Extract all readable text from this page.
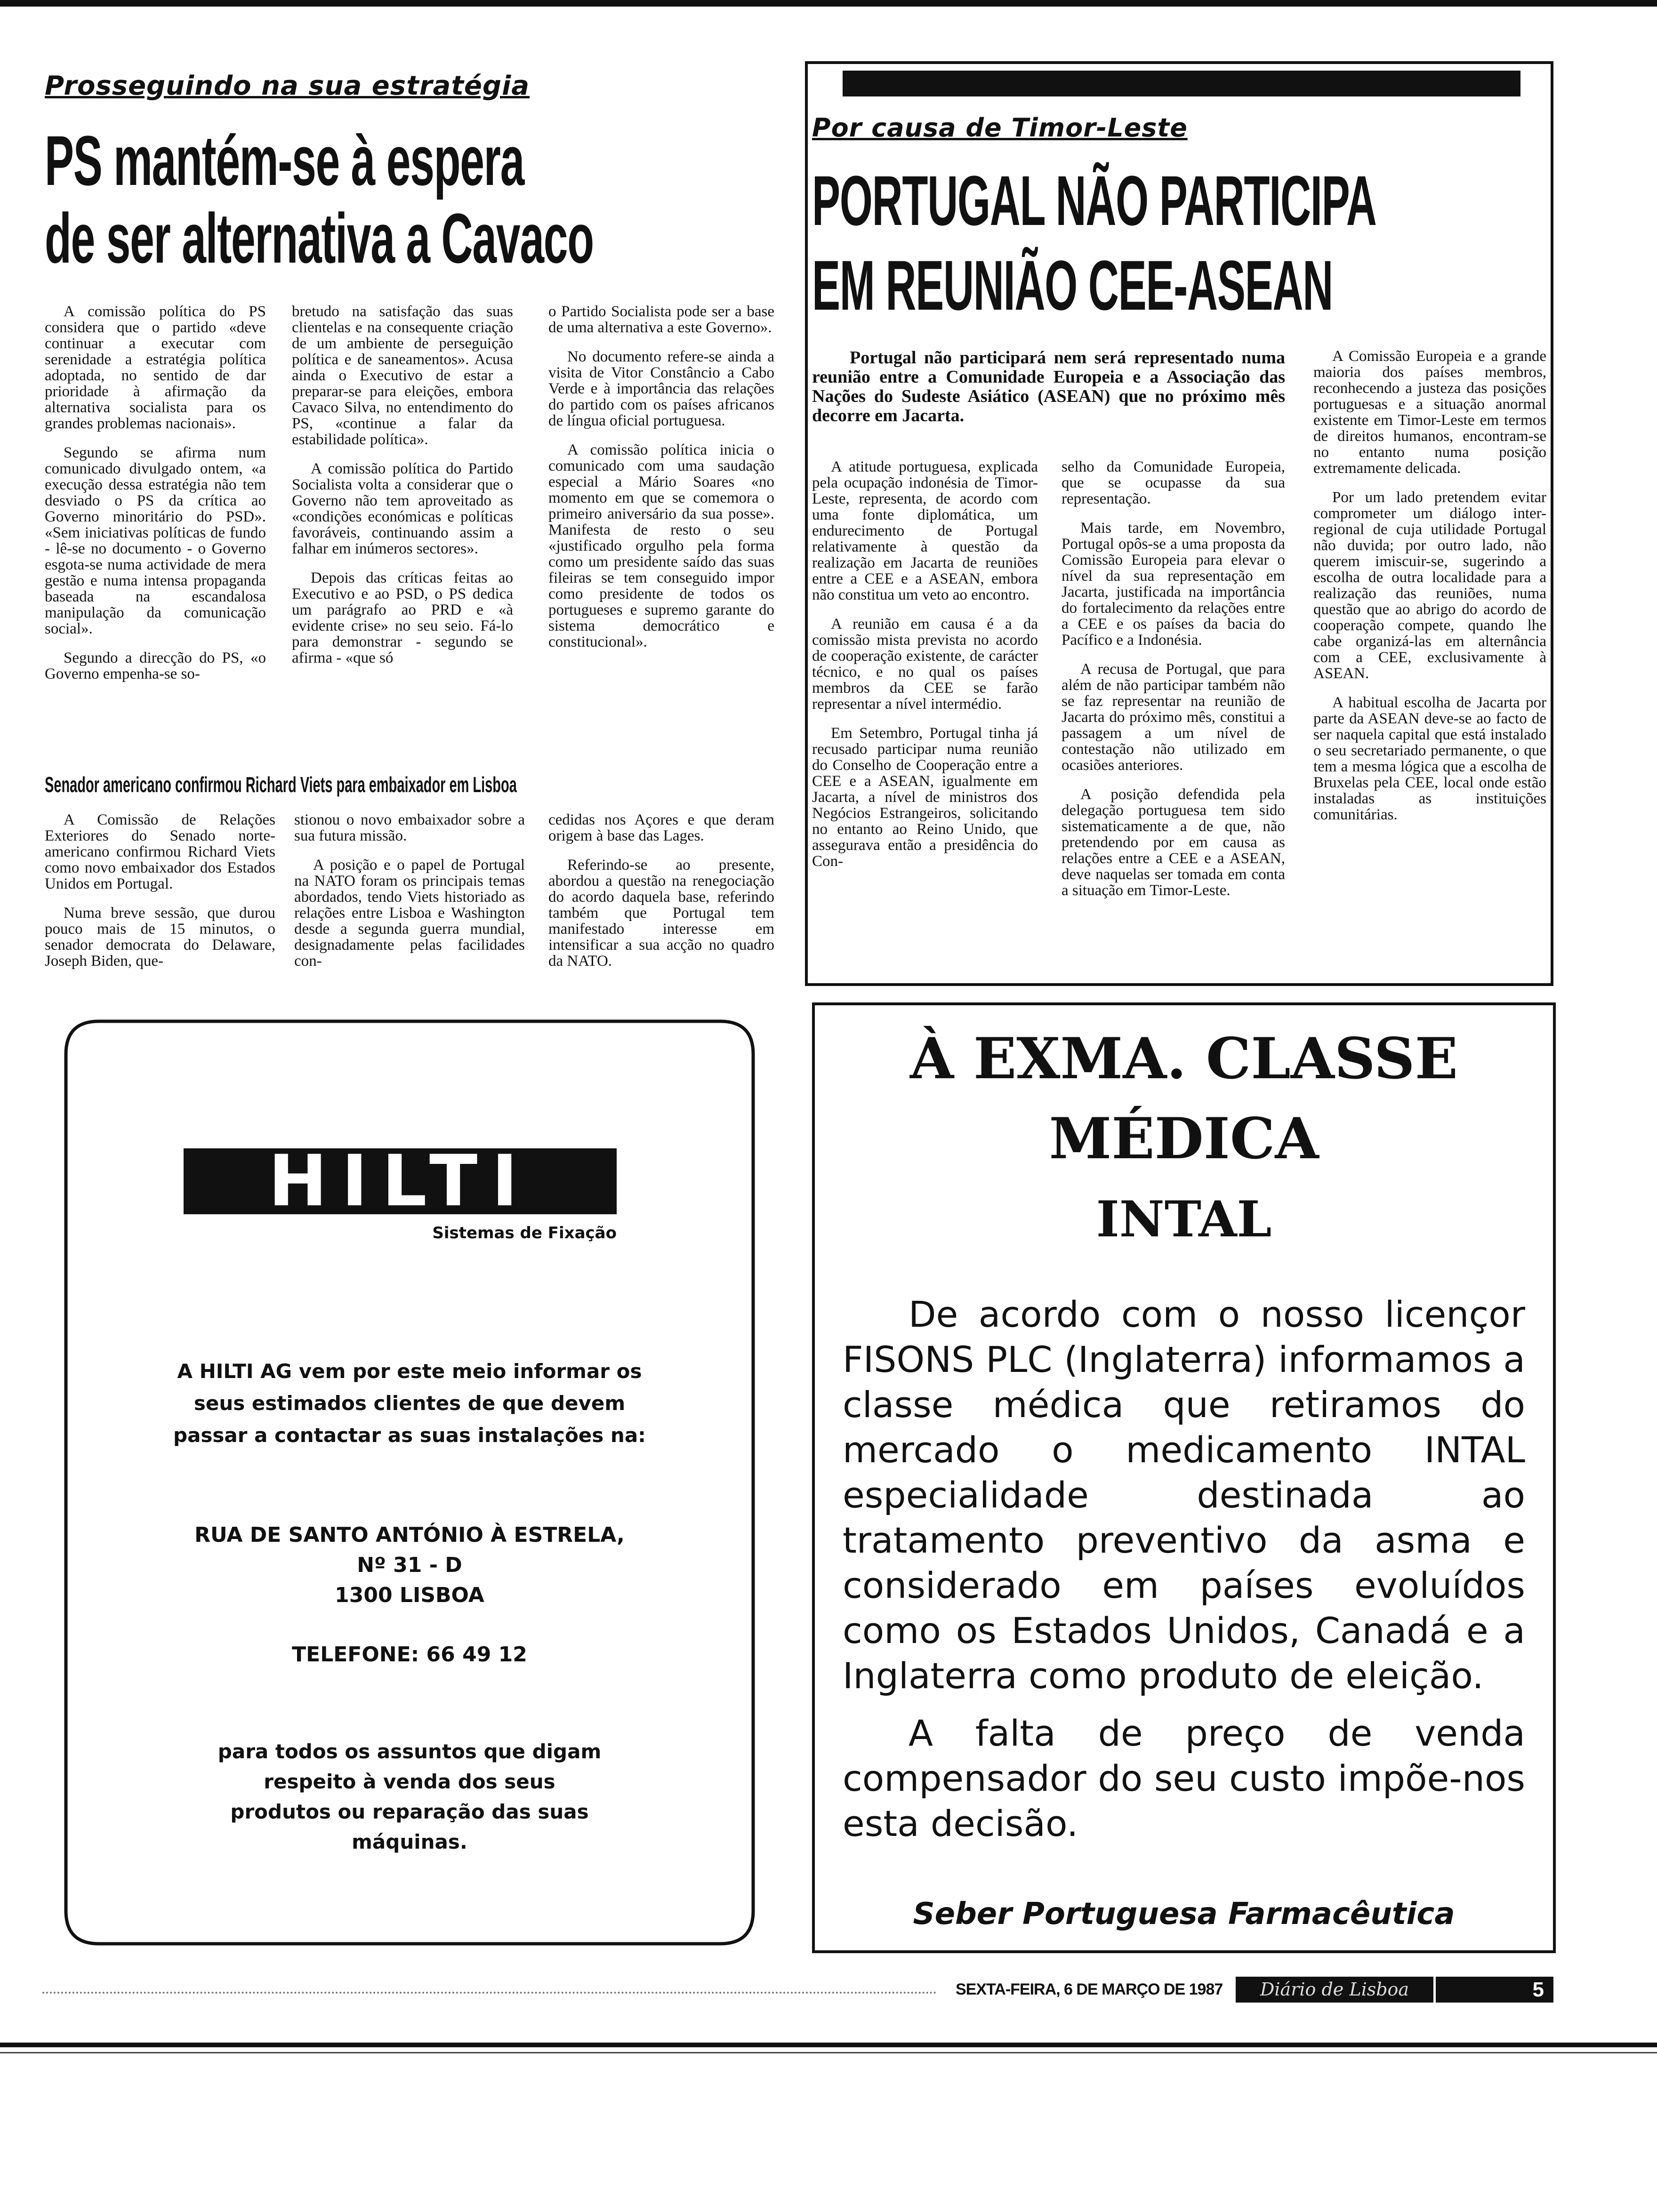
Prosseguindo na sua estratégia
PS mantém-se à espera
de ser alternativa a Cavaco

A comissão política do PS considera que o partido «deve continuar a executar com serenidade a estratégia política adoptada, no sentido de dar prioridade à afirmação da alternativa socialista para os grandes problemas nacionais».

Segundo se afirma num comunicado divulgado ontem, «a execução dessa estratégia não tem desviado o PS da crítica ao Governo minoritário do PSD». «Sem iniciativas políticas de fundo - lê-se no documento - o Governo esgota-se numa actividade de mera gestão e numa intensa propaganda baseada na escandalosa manipulação da comunicação social».

Segundo a direcção do PS, «o Governo empenha-se so-

bretudo na satisfação das suas clientelas e na consequente criação de um ambiente de perseguição política e de saneamentos». Acusa ainda o Executivo de estar a preparar-se para eleições, embora Cavaco Silva, no entendimento do PS, «continue a falar da estabilidade política».

A comissão política do Partido Socialista volta a considerar que o Governo não tem aproveitado as «condições económicas e políticas favoráveis, continuando assim a falhar em inúmeros sectores».

Depois das críticas feitas ao Executivo e ao PSD, o PS dedica um parágrafo ao PRD e «à evidente crise» no seu seio. Fá-lo para demonstrar - segundo se afirma - «que só

o Partido Socialista pode ser a base de uma alternativa a este Governo».

No documento refere-se ainda a visita de Vitor Constâncio a Cabo Verde e à importância das relações do partido com os países africanos de língua oficial portuguesa.

A comissão política inicia o comunicado com uma saudação especial a Mário Soares «no momento em que se comemora o primeiro aniversário da sua posse». Manifesta de resto o seu «justificado orgulho pela forma como um presidente saído das suas fileiras se tem conseguido impor como presidente de todos os portugueses e supremo garante do sistema democrático e constitucional».

Senador americano confirmou Richard Viets para embaixador em Lisboa

A Comissão de Relações Exteriores do Senado norte-americano confirmou Richard Viets como novo embaixador dos Estados Unidos em Portugal.

Numa breve sessão, que durou pouco mais de 15 minutos, o senador democrata do Delaware, Joseph Biden, que-

stionou o novo embaixador sobre a sua futura missão.

A posição e o papel de Portugal na NATO foram os principais temas abordados, tendo Viets historiado as relações entre Lisboa e Washington desde a segunda guerra mundial, designadamente pelas facilidades con-

cedidas nos Açores e que deram origem à base das Lages.

Referindo-se ao presente, abordou a questão na renegociação do acordo daquela base, referindo também que Portugal tem manifestado interesse em intensificar a sua acção no quadro da NATO.

Por causa de Timor-Leste
PORTUGAL NÃO PARTICIPA
EM REUNIÃO CEE-ASEAN
Portugal não participará nem será representado numa reunião entre a Comunidade Europeia e a Associação das Nações do Sudeste Asiático (ASEAN) que no próximo mês decorre em Jacarta.

A atitude portuguesa, explicada pela ocupação indonésia de Timor-Leste, representa, de acordo com uma fonte diplomática, um endurecimento de Portugal relativamente à questão da realização em Jacarta de reuniões entre a CEE e a ASEAN, embora não constitua um veto ao encontro.

A reunião em causa é a da comissão mista prevista no acordo de cooperação existente, de carácter técnico, e no qual os países membros da CEE se farão representar a nível intermédio.

Em Setembro, Portugal tinha já recusado participar numa reunião do Conselho de Cooperação entre a CEE e a ASEAN, igualmente em Jacarta, a nível de ministros dos Negócios Estrangeiros, solicitando no entanto ao Reino Unido, que assegurava então a presidência do Con-

selho da Comunidade Europeia, que se ocupasse da sua representação.

Mais tarde, em Novembro, Portugal opôs-se a uma proposta da Comissão Europeia para elevar o nível da sua representação em Jacarta, justificada na importância do fortalecimento da relações entre a CEE e os países da bacia do Pacífico e a Indonésia.

A recusa de Portugal, que para além de não participar também não se faz representar na reunião de Jacarta do próximo mês, constitui a passagem a um nível de contestação não utilizado em ocasiões anteriores.

A posição defendida pela delegação portuguesa tem sido sistematicamente a de que, não pretendendo por em causa as relações entre a CEE e a ASEAN, deve naquelas ser tomada em conta a situação em Timor-Leste.

A Comissão Europeia e a grande maioria dos países membros, reconhecendo a justeza das posições portuguesas e a situação anormal existente em Timor-Leste em termos de direitos humanos, encontram-se no entanto numa posição extremamente delicada.

Por um lado pretendem evitar comprometer um diálogo inter-regional de cuja utilidade Portugal não duvida; por outro lado, não querem imiscuir-se, sugerindo a escolha de outra localidade para a realização das reuniões, numa questão que ao abrigo do acordo de cooperação compete, quando lhe cabe organizá-las em alternância com a CEE, exclusivamente à ASEAN.

A habitual escolha de Jacarta por parte da ASEAN deve-se ao facto de ser naquela capital que está instalado o seu secretariado permanente, o que tem a mesma lógica que a escolha de Bruxelas pela CEE, local onde estão instaladas as instituições comunitárias.

HILTI
Sistemas de Fixação
A HILTI AG vem por este meio informar os seus estimados clientes de que devem passar a contactar as suas instalações na:
RUA DE SANTO ANTÓNIO À ESTRELA,
Nº 31 - D
1300 LISBOA
TELEFONE: 66 49 12
para todos os assuntos que digam respeito à venda dos seus produtos ou reparação das suas máquinas.
À EXMA. CLASSE
MÉDICA
INTAL
De acordo com o nosso licençor FISONS PLC (Inglaterra) informamos a classe médica que retiramos do mercado o medicamento INTAL especialidade destinada ao tratamento preventivo da asma e considerado em países evoluídos como os Estados Unidos, Canadá e a Inglaterra como produto de eleição.
A falta de preço de venda compensador do seu custo impõe-nos esta decisão.
Seber Portuguesa Farmacêutica
SEXTA-FEIRA, 6 DE MARÇO DE 1987	Diário de Lisboa	5
